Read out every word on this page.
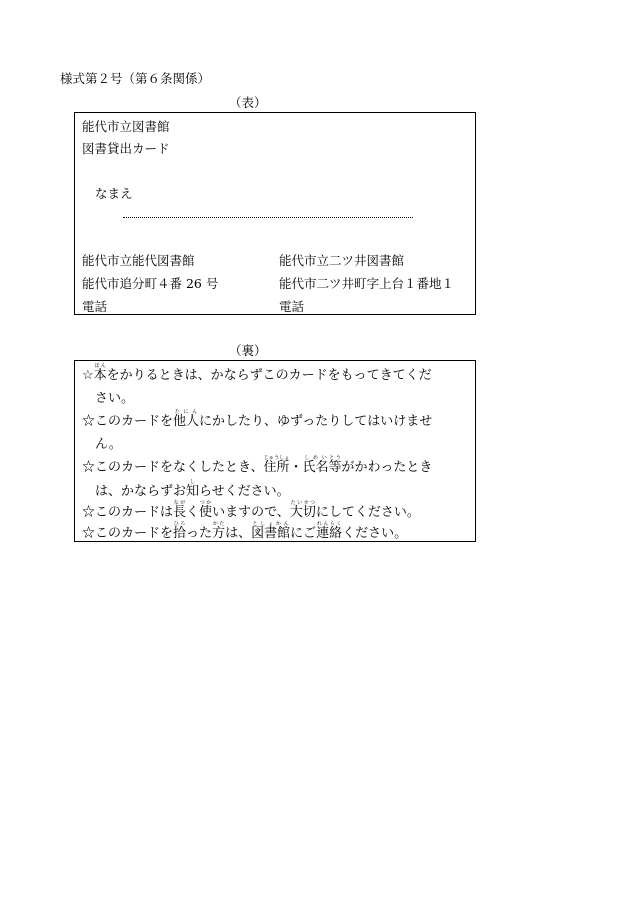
様式第２号（第６条関係）
（表）
能代市立図書館
図書貸出カード
なまえ
能代市立能代図書館
能代市追分町４番 26 号
電話
能代市立二ツ井図書館
能代市二ツ井町字上台１番地１
電話
（裏）
☆本ほんをかりるときは、かならずこのカードをもってきてくだ
さい。
☆このカードを他人たにんにかしたり、ゆずったりしてはいけませ
ん。
☆このカードをなくしたとき、住所じゅうしょ・氏名しめい等とうがかわったとき
は、かならずお知しらせください。
☆このカードは長ながく使つかいますので、大切たいせつにしてください。
☆このカードを拾ひろった方かたは、図書館としょかんにご連絡れんらくください。
